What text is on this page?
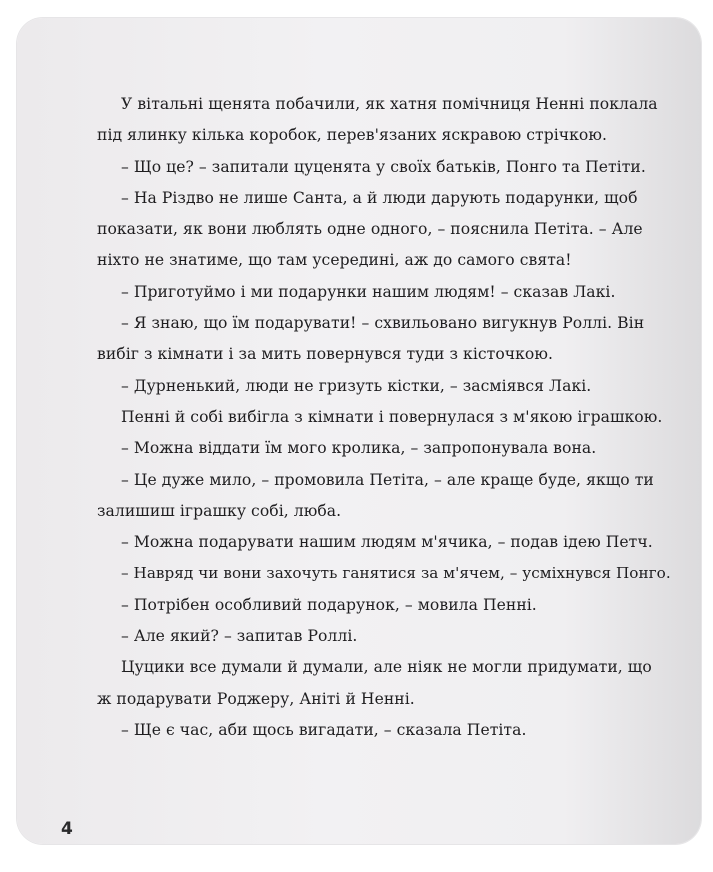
У вітальні щенята побачили, як хатня помічниця Ненні поклала
під ялинку кілька коробок, перев'язаних яскравою стрічкою.
– Що це? – запитали цуценята у своїх батьків, Понго та Петіти.
– На Різдво не лише Санта, а й люди дарують подарунки, щоб
показати, як вони люблять одне одного, – пояснила Петіта. – Але
ніхто не знатиме, що там усередині, аж до самого свята!
– Приготуймо і ми подарунки нашим людям! – сказав Лакі.
– Я знаю, що їм подарувати! – схвильовано вигукнув Роллі. Він
вибіг з кімнати і за мить повернувся туди з кісточкою.
– Дурненький, люди не гризуть кістки, – засміявся Лакі.
Пенні й собі вибігла з кімнати і повернулася з м'якою іграшкою.
– Можна віддати їм мого кролика, – запропонувала вона.
– Це дуже мило, – промовила Петіта, – але краще буде, якщо ти
залишиш іграшку собі, люба.
– Можна подарувати нашим людям м'ячика, – подав ідею Петч.
– Навряд чи вони захочуть ганятися за м'ячем, – усміхнувся Понго.
– Потрібен особливий подарунок, – мовила Пенні.
– Але який? – запитав Роллі.
Цуцики все думали й думали, але ніяк не могли придумати, що
ж подарувати Роджеру, Аніті й Ненні.
– Ще є час, аби щось вигадати, – сказала Петіта.
4
